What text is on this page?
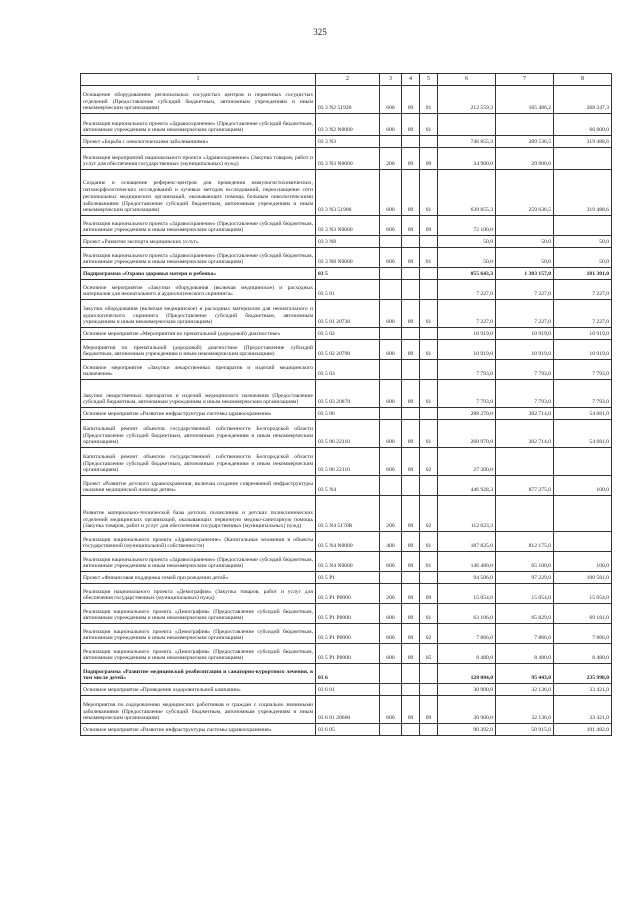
325
1	2	3	4	5	6	7	8
Оснащение оборудованием региональных сосудистых центров и первичных сосудистых отделений (Предоставление субсидий бюджетным, автономным учреждениям и иным некоммерческим организациям)	03 3 N2 51920	600	09	01	212 559,3	165 486,2	268 247,3
Реализация национального проекта «Здравоохранение» (Предоставление субсидий бюджетным, автономным учреждениям и иным некоммерческим организациям)	03 3 N2 N0000	600	09	01			66 600,0
Проект «Борьба с онкологическими заболеваниями»	03 3 N3				746 855,3	289 536,5	319 488,6
Реализация мероприятий национального проекта «Здравоохранение» (Закупка товаров, работ и услуг для обеспечения государственных (муниципальных) нужд)	03 3 N3 N0000	200	09	09	34 900,0	29 900,0	
Создание и оснащение референс-центров для проведения иммуногистохимических, патоморфологических исследований и лучевых методов исследований, переоснащение сети региональных медицинских организаций, оказывающих помощь больным онкологическими заболеваниями (Предоставление субсидий бюджетным, автономным учреждениям и иным некоммерческим организациям)	03 3 N3 51900	600	09	01	639 855,3	259 636,5	319 488,6
Реализация национального проекта «Здравоохранение» (Предоставление субсидий бюджетным, автономным учреждениям и иным некоммерческим организациям)	03 3 N3 N0000	600	09	09	72 100,0		
Проект «Развитие экспорта медицинских услуг»	03 3 N8				50,0	50,0	50,0
Реализация национального проекта «Здравоохранение» (Предоставление субсидий бюджетным, автономным учреждениям и иным некоммерческим организациям)	03 3 N8 N0000	600	09	01	50,0	50,0	50,0
Подпрограмма «Охрана здоровья матери и ребенка»	03 5				855 643,3	1 303 157,0	181 301,0
Основное мероприятие «Закупки оборудования (включая медицинское) и расходных материалов для неонатального и аудиологического скрининга»	03 5 01				7 227,0	7 227,0	7 227,0
Закупки оборудования (включая медицинское) и расходных материалов для неонатального и аудиологического скрининга (Предоставление субсидий бюджетным, автономным учреждениям и иным некоммерческим организациям)	03 5 01 20730	600	09	01	7 227,0	7 227,0	7 227,0
Основное мероприятие «Мероприятия по пренатальной (дородовой) диагностике»	03 5 02				10 919,0	10 919,0	10 919,0
Мероприятия по пренатальной (дородовой) диагностике (Предоставление субсидий бюджетным, автономным учреждениям и иным некоммерческим организациям)	03 5 02 20790	600	09	01	10 919,0	10 919,0	10 919,0
Основное мероприятие «Закупки лекарственных препаратов и изделий медицинского назначения»	03 5 03				7 793,0	7 793,0	7 793,0
Закупки лекарственных препаратов и изделий медицинского назначения (Предоставление субсидий бюджетным, автономным учреждениям и иным некоммерческим организациям)	03 5 03 20870	600	09	01	7 793,0	7 793,0	7 793,0
Основное мероприятие «Развитие инфраструктуры системы здравоохранения»	03 5 06				288 270,0	302 714,0	54 681,0
Капитальный ремонт объектов государственной собственности Белгородской области (Предоставление субсидий бюджетным, автономным учреждениям и иным некоммерческим организациям)	03 5 06 22110	600	09	01	260 970,0	302 714,0	54 681,0
Капитальный ремонт объектов государственной собственности Белгородской области (Предоставление субсидий бюджетным, автономным учреждениям и иным некоммерческим организациям)	03 5 06 22110	600	09	02	27 300,0		
Проект «Развитие детского здравоохранения, включая создание современной инфраструктуры оказания медицинской помощи детям»	03 5 N4				446 928,3	877 275,0	100,0
Развитие материально-технической базы детских поликлиник и детских поликлинических отделений медицинских организаций, оказывающих первичную медико-санитарную помощь (Закупка товаров, работ и услуг для обеспечения государственных (муниципальных) нужд)	03 5 N4 5170R	200	09	02	112 623,3		
Реализация национального проекта «Здравоохранение» (Капитальные вложения в объекты государственной (муниципальной) собственности)	03 5 N4 N0000	400	09	01	187 825,0	812 175,0	
Реализация национального проекта «Здравоохранение» (Предоставление субсидий бюджетным, автономным учреждениям и иным некоммерческим организациям)	03 5 N4 N0000	600	09	01	146 480,0	65 100,0	100,0
Проект «Финансовая поддержка семей при рождении детей»	03 5 P1				94 506,0	97 229,0	100 581,0
Реализация национального проекта «Демография» (Закупка товаров, работ и услуг для обеспечения государственных (муниципальных) нужд)	03 5 P1 P0000	200	09	09	15 054,0	15 054,0	15 054,0
Реализация национального проекта «Демография» (Предоставление субсидий бюджетным, автономным учреждениям и иным некоммерческим организациям)	03 5 P1 P0000	600	09	01	63 106,0	65 829,0	69 181,0
Реализация национального проекта «Демография» (Предоставление субсидий бюджетным, автономным учреждениям и иным некоммерческим организациям)	03 5 P1 P0000	600	09	02	7 866,0	7 866,0	7 866,0
Реализация национального проекта «Демография» (Предоставление субсидий бюджетным, автономным учреждениям и иным некоммерческим организациям)	03 5 P1 P0000	600	09	05	8 480,0	8 480,0	8 480,0
Подпрограмма «Развитие медицинской реабилитации и санаторно-курортного лечения, в том числе детей»	03 6				128 084,0	95 443,0	235 998,0
Основное мероприятие «Проведение оздоровительной кампании»	03 6 01				30 900,0	32 136,0	33 421,0
Мероприятия по оздоровлению медицинских работников и граждан с социально значимыми заболеваниями (Предоставление субсидий бюджетным, автономным учреждениям и иным некоммерческим организациям)	03 6 01 20660	600	09	09	30 900,0	32 136,0	33 421,0
Основное мероприятие «Развитие инфраструктуры системы здравоохранения»	03 6 05				90 392,0	50 915,0	191 482,0
